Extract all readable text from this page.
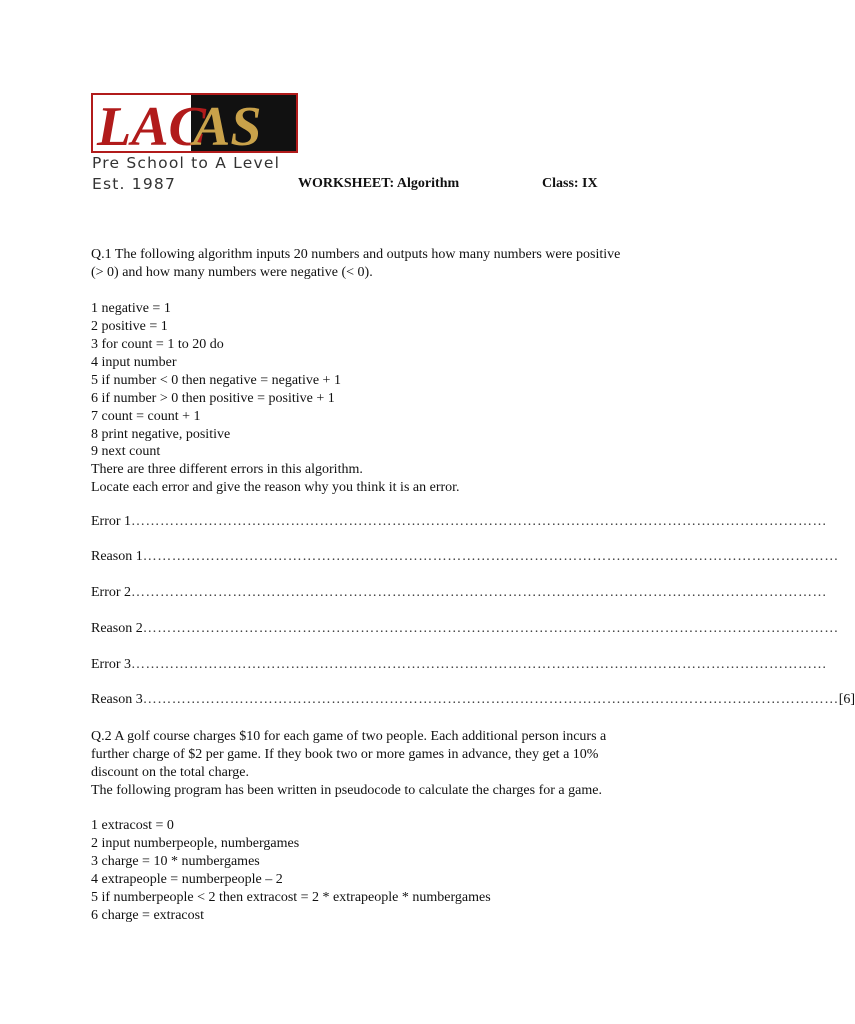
LAC
AS
Pre School to A Level
Est. 1987	WORKSHEET: Algorithm	Class: IX
Q.1 The following algorithm inputs 20 numbers and outputs how many numbers were positive
(> 0) and how many numbers were negative (< 0).
1 negative = 1
2 positive = 1
3 for count = 1 to 20 do
4 input number
5 if number < 0 then negative = negative + 1
6 if number > 0 then positive = positive + 1
7 count = count + 1
8 print negative, positive
9 next count
There are three different errors in this algorithm.
Locate each error and give the reason why you think it is an error.
Error 1 ………………………………………………………………………………………………………………………………
Reason 1 ………………………………………………………………………………………………………………………………
Error 2 ………………………………………………………………………………………………………………………………
Reason 2 ………………………………………………………………………………………………………………………………
Error 3 ………………………………………………………………………………………………………………………………
Reason 3 ……………………………………………………………………………………………………………………………… [6]
Q.2 A golf course charges $10 for each game of two people. Each additional person incurs a
further charge of $2 per game. If they book two or more games in advance, they get a 10%
discount on the total charge.
The following program has been written in pseudocode to calculate the charges for a game.
1 extracost = 0
2 input numberpeople, numbergames
3 charge = 10 * numbergames
4 extrapeople = numberpeople – 2
5 if numberpeople < 2 then extracost = 2 * extrapeople * numbergames
6 charge = extracost
